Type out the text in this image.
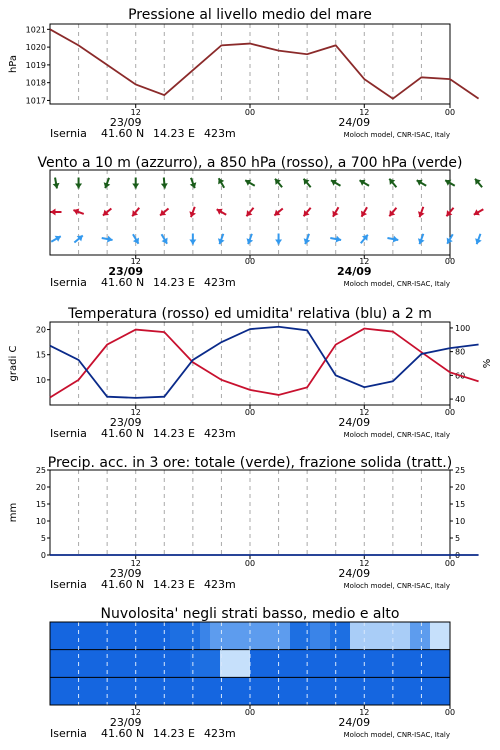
Pressione al livello medio del mare
12	00	12	00
23/09	24/09
Isernia 41.60 N 14.23 E 423m	Moloch model, CNR-ISAC, Italy
1017
1018
1019
1020
1021
hPa
Vento a 10 m (azzurro), a 850 hPa (rosso), a 700 hPa (verde)
12	00	12	00
23/09	24/09
Isernia 41.60 N 14.23 E 423m	Moloch model, CNR-ISAC, Italy
Temperatura (rosso) ed umidita' relativa (blu) a 2 m
12	00	12	00
23/09	24/09
Isernia 41.60 N 14.23 E 423m	Moloch model, CNR-ISAC, Italy
10
15
20
40
60
80
100
gradi C	%
Precip. acc. in 3 ore: totale (verde), frazione solida (tratt.)
12	00	12	00
23/09	24/09
Isernia 41.60 N 14.23 E 423m	Moloch model, CNR-ISAC, Italy
0	0
5	5
10	10
15	15
20	20
25	25
mm
Nuvolosita' negli strati basso, medio e alto
12	00	12	00
23/09	24/09
Isernia 41.60 N 14.23 E 423m	Moloch model, CNR-ISAC, Italy
